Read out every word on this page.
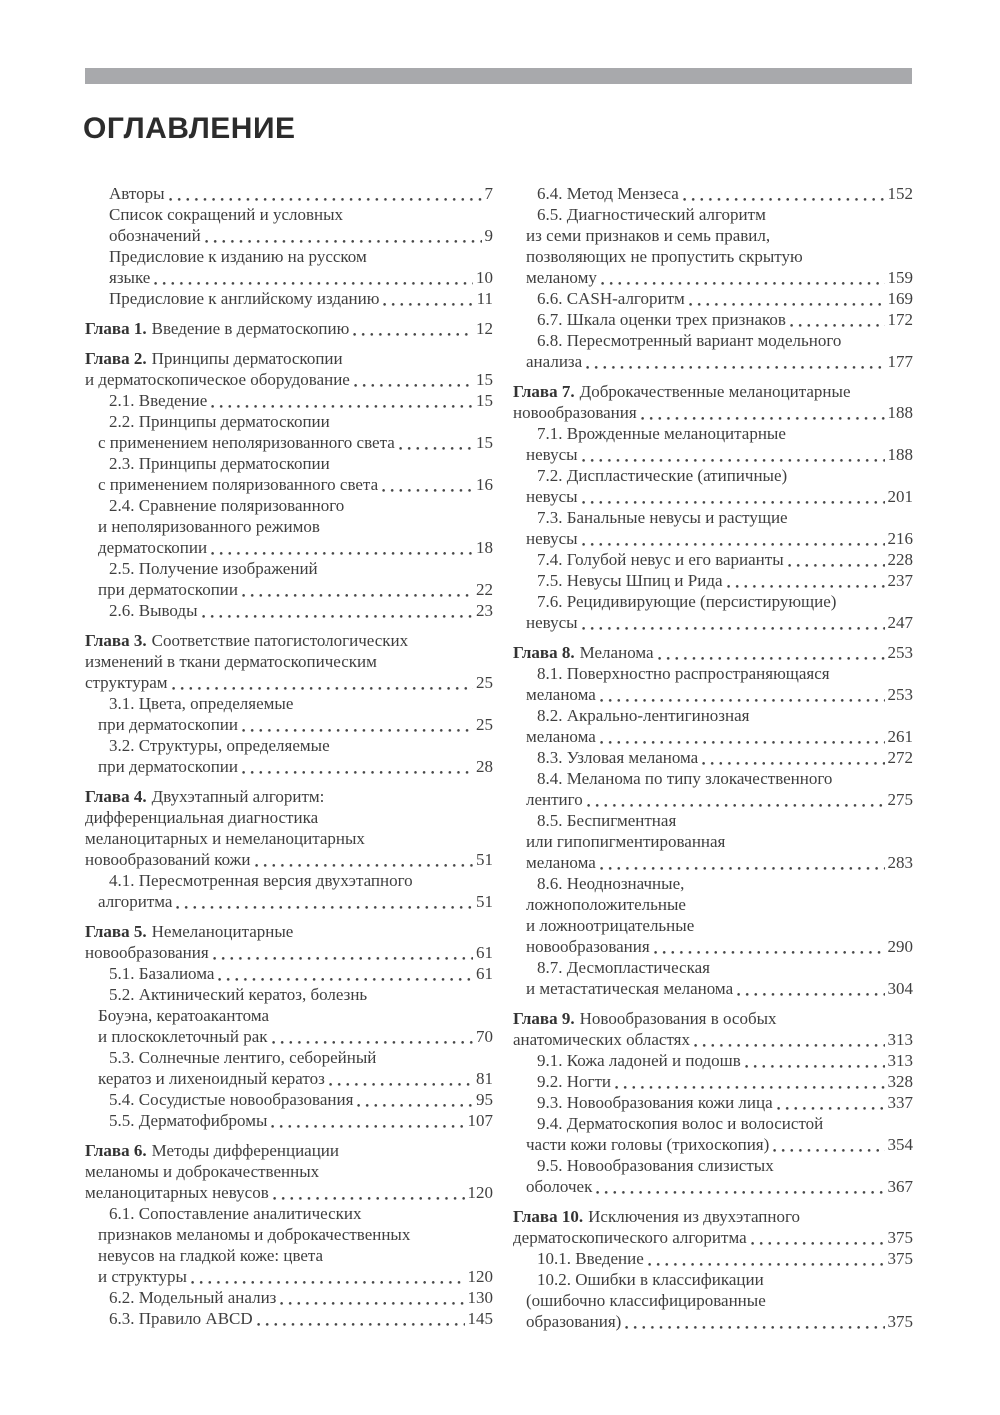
ОГЛАВЛЕНИЕ
Авторы	7
Список сокращений и условных
обозначений	9
Предисловие к изданию на русском
языке	10
Предисловие к английскому изданию	11
Глава 1. Введение в дерматоскопию	12
Глава 2. Принципы дерматоскопии
и дерматоскопическое оборудование	15
2.1. Введение	15
2.2. Принципы дерматоскопии
с применением неполяризованного света	15
2.3. Принципы дерматоскопии
с применением поляризованного света	16
2.4. Сравнение поляризованного
и неполяризованного режимов
дерматоскопии	18
2.5. Получение изображений
при дерматоскопии	22
2.6. Выводы	23
Глава 3. Соответствие патогистологических
изменений в ткани дерматоскопическим
структурам	25
3.1. Цвета, определяемые
при дерматоскопии	25
3.2. Структуры, определяемые
при дерматоскопии	28
Глава 4. Двухэтапный алгоритм:
дифференциальная диагностика
меланоцитарных и немеланоцитарных
новообразований кожи	51
4.1. Пересмотренная версия двухэтапного
алгоритма	51
Глава 5. Немеланоцитарные
новообразования	61
5.1. Базалиома	61
5.2. Актинический кератоз, болезнь
Боуэна, кератоакантома
и плоскоклеточный рак	70
5.3. Солнечные лентиго, себорейный
кератоз и лихеноидный кератоз	81
5.4. Сосудистые новообразования	95
5.5. Дерматофибромы	107
Глава 6. Методы дифференциации
меланомы и доброкачественных
меланоцитарных невусов	120
6.1. Сопоставление аналитических
признаков меланомы и доброкачественных
невусов на гладкой коже: цвета
и структуры	120
6.2. Модельный анализ	130
6.3. Правило ABCD	145
6.4. Метод Мензеса	152
6.5. Диагностический алгоритм
из семи признаков и семь правил,
позволяющих не пропустить скрытую
меланому	159
6.6. CASH-алгоритм	169
6.7. Шкала оценки трех признаков	172
6.8. Пересмотренный вариант модельного
анализа	177
Глава 7. Доброкачественные меланоцитарные
новообразования	188
7.1. Врожденные меланоцитарные
невусы	188
7.2. Диспластические (атипичные)
невусы	201
7.3. Банальные невусы и растущие
невусы	216
7.4. Голубой невус и его варианты	228
7.5. Невусы Шпиц и Рида	237
7.6. Рецидивирующие (персистирующие)
невусы	247
Глава 8. Меланома	253
8.1. Поверхностно распространяющаяся
меланома	253
8.2. Акрально-лентигинозная
меланома	261
8.3. Узловая меланома	272
8.4. Меланома по типу злокачественного
лентиго	275
8.5. Беспигментная
или гипопигментированная
меланома	283
8.6. Неоднозначные,
ложноположительные
и ложноотрицательные
новообразования	290
8.7. Десмопластическая
и метастатическая меланома	304
Глава 9. Новообразования в особых
анатомических областях	313
9.1. Кожа ладоней и подошв	313
9.2. Ногти	328
9.3. Новообразования кожи лица	337
9.4. Дерматоскопия волос и волосистой
части кожи головы (трихоскопия)	354
9.5. Новообразования слизистых
оболочек	367
Глава 10. Исключения из двухэтапного
дерматоскопического алгоритма	375
10.1. Введение	375
10.2. Ошибки в классификации
(ошибочно классифицированные
образования)	375
